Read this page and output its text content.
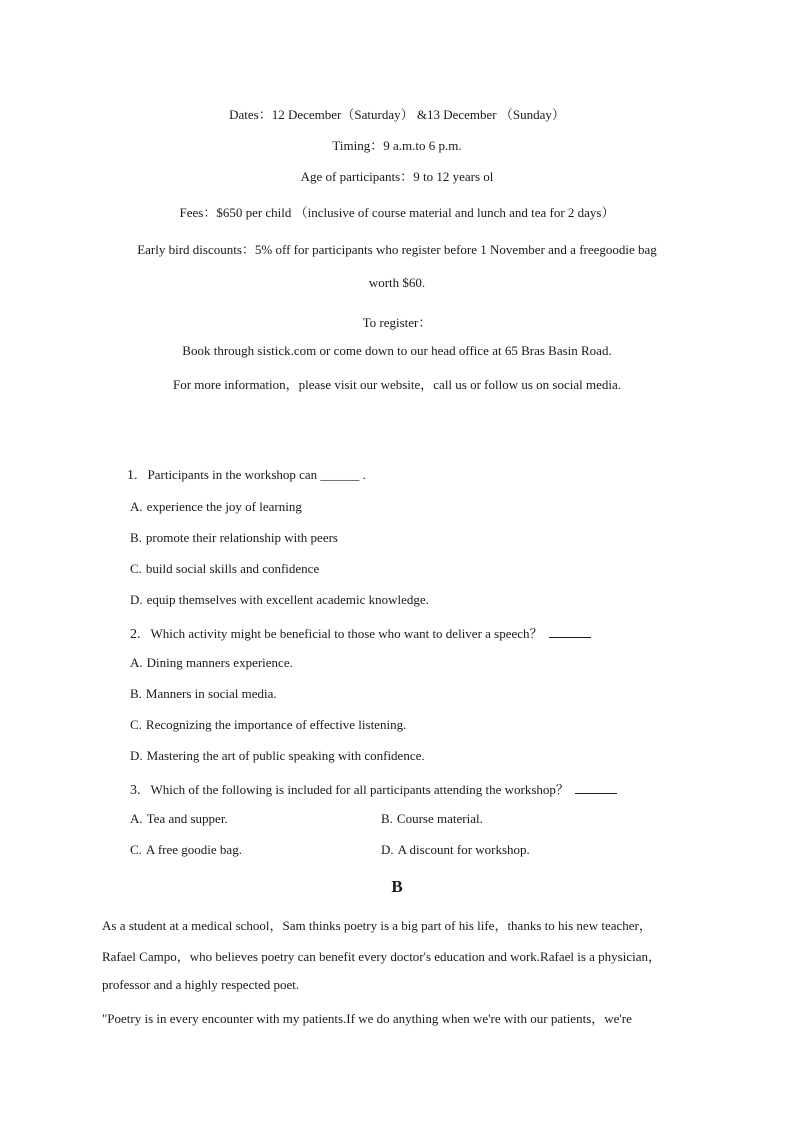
Dates：12 December（Saturday） &13 December （Sunday）
Timing：9 a.m.to 6 p.m.
Age of participants：9 to 12 years ol
Fees：$650 per child （inclusive of course material and lunch and tea for 2 days）
Early bird discounts：5% off for participants who register before 1 November and a freegoodie bag
worth $60.
To register：
Book through sistick.com or come down to our head office at 65 Bras Basin Road.
For more information，please visit our website，call us or follow us on social media.
1. Participants in the workshop can ______ .
A. experience the joy of learning
B. promote their relationship with peers
C. build social skills and confidence
D. equip themselves with excellent academic knowledge.
2. Which activity might be beneficial to those who want to deliver a speech？
A. Dining manners experience.
B. Manners in social media.
C. Recognizing the importance of effective listening.
D. Mastering the art of public speaking with confidence.
3. Which of the following is included for all participants attending the workshop？
A. Tea and supper.	B. Course material.
C. A free goodie bag.	D. A discount for workshop.
B
As a student at a medical school，Sam thinks poetry is a big part of his life，thanks to his new teacher，
Rafael Campo，who believes poetry can benefit every doctor's education and work.Rafael is a physician，
professor and a highly respected poet.
"Poetry is in every encounter with my patients.If we do anything when we're with our patients，we're
